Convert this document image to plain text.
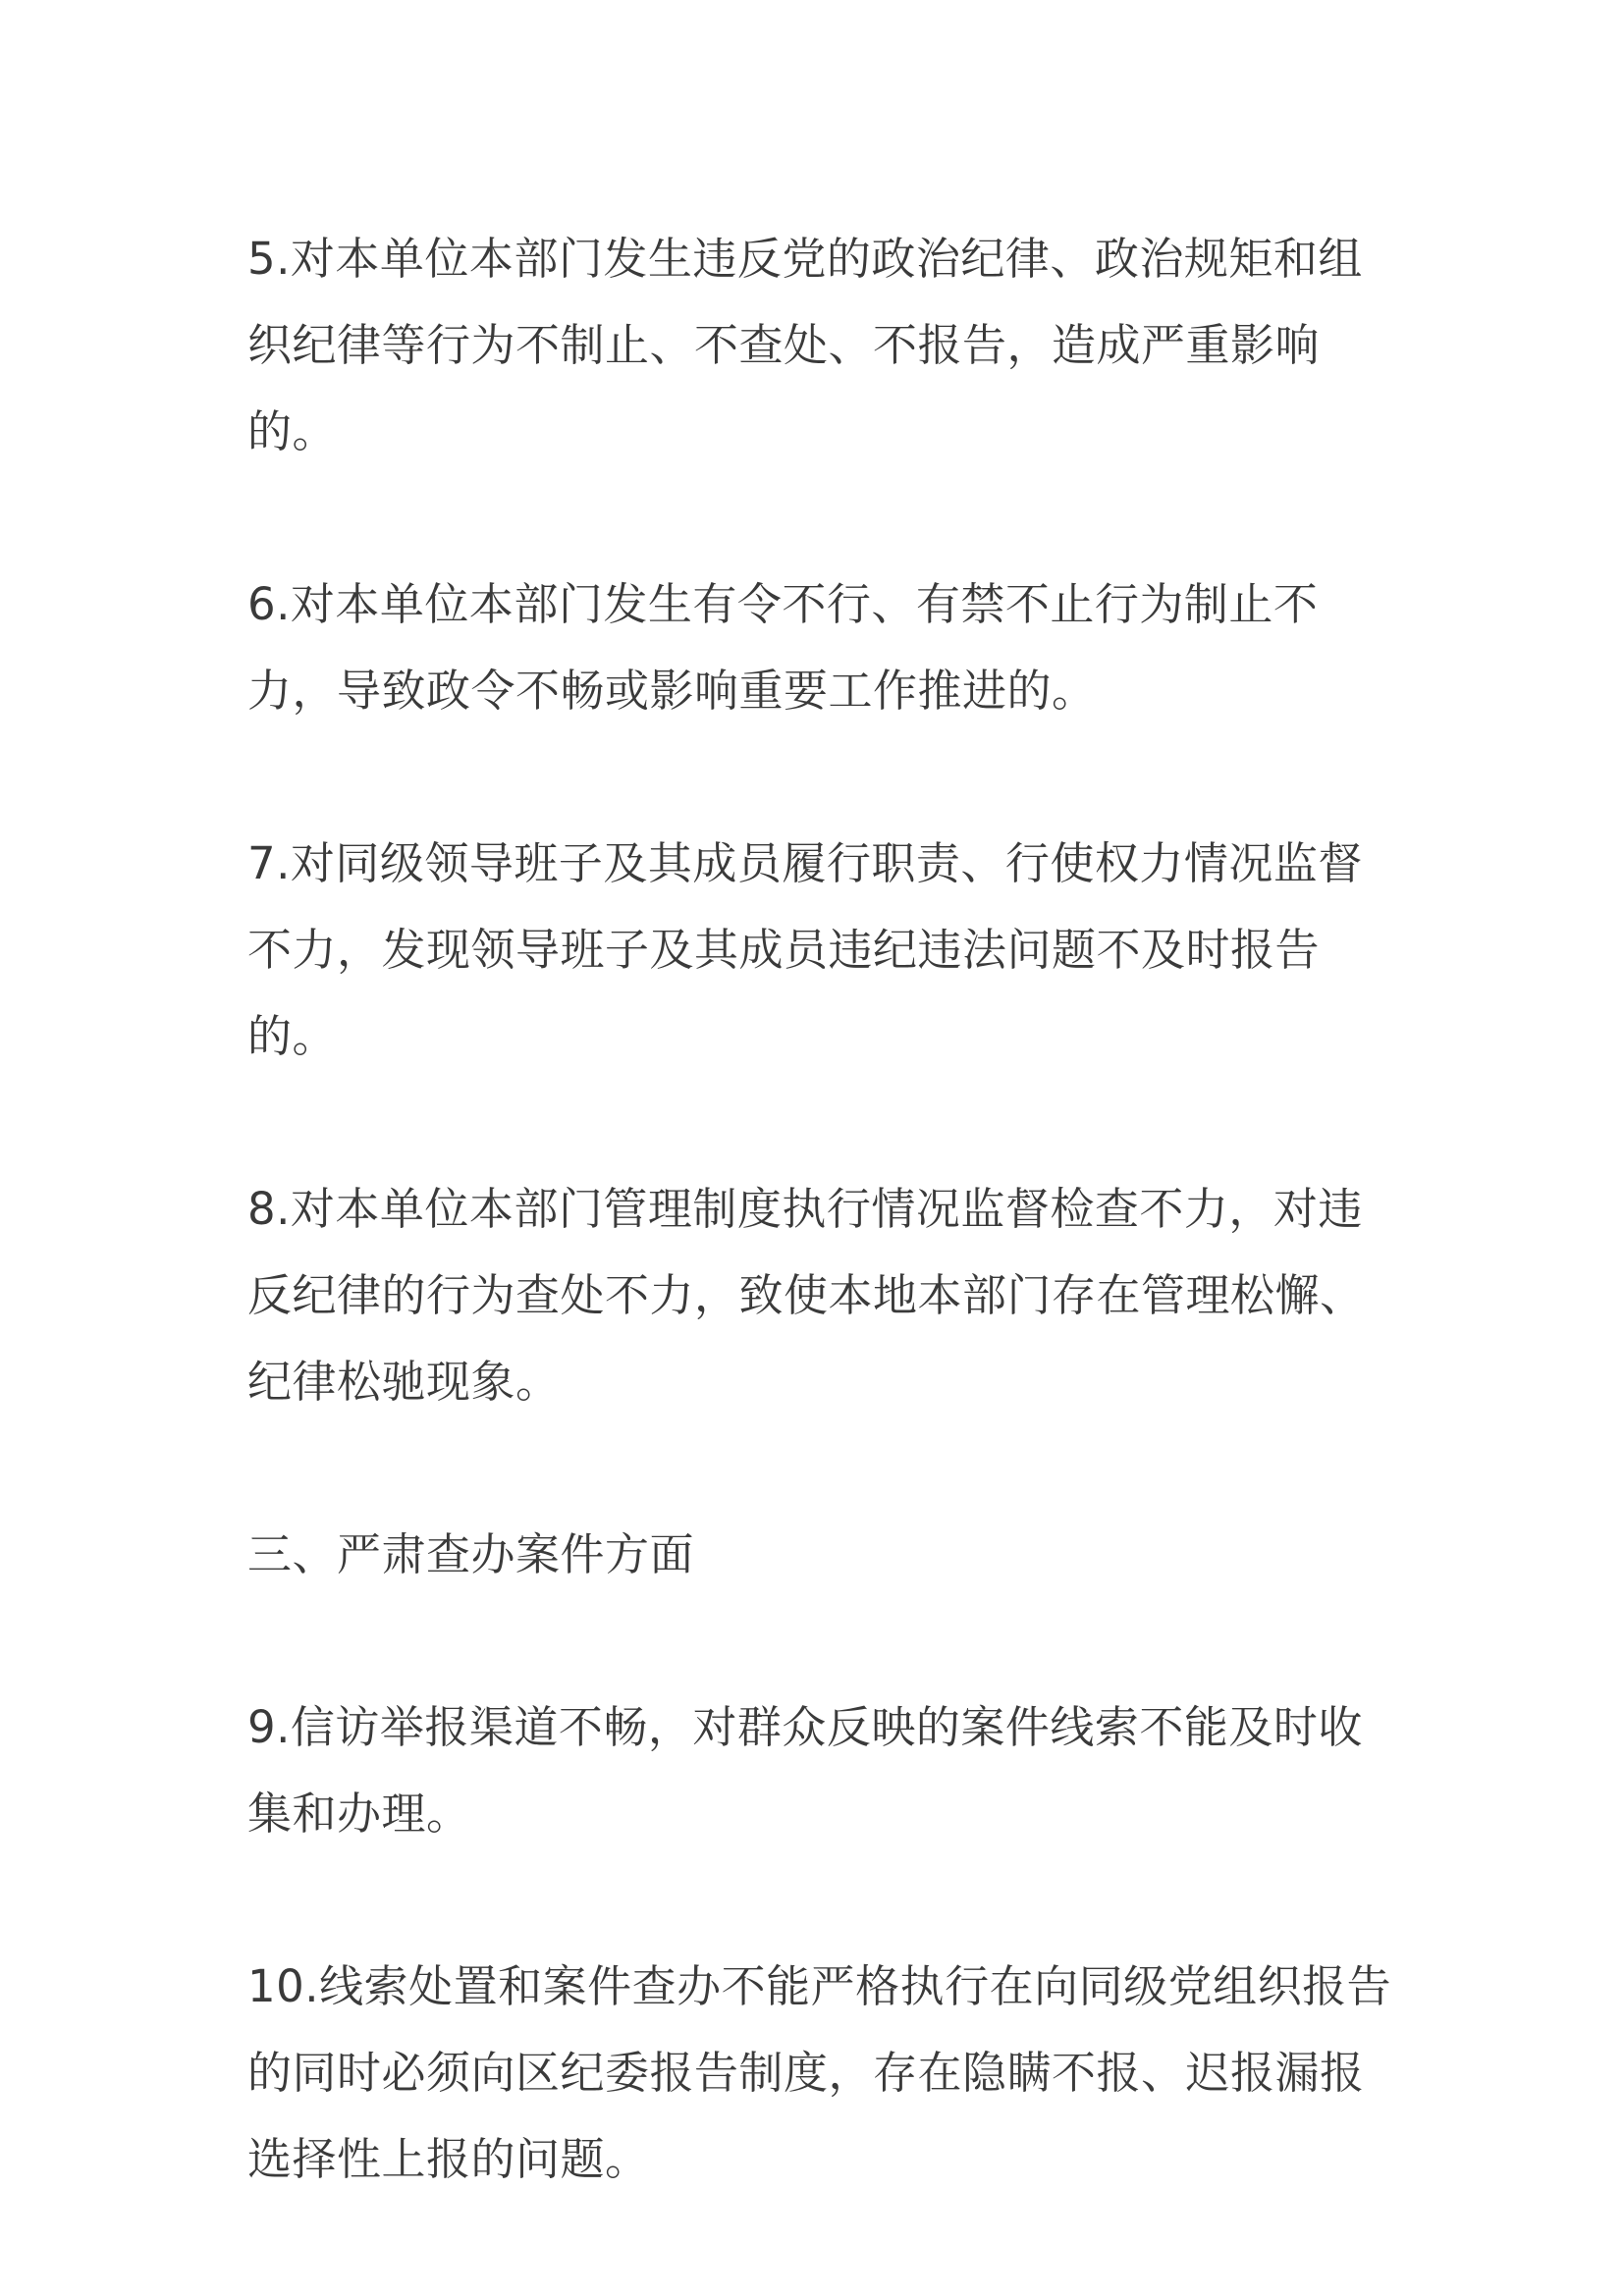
5.对本单位本部门发生违反党的政治纪律、政治规矩和组织纪律等行为不制止、不查处、不报告，造成严重影响的。

6.对本单位本部门发生有令不行、有禁不止行为制止不力，导致政令不畅或影响重要工作推进的。

7.对同级领导班子及其成员履行职责、行使权力情况监督不力，发现领导班子及其成员违纪违法问题不及时报告的。

8.对本单位本部门管理制度执行情况监督检查不力，对违反纪律的行为查处不力，致使本地本部门存在管理松懈、纪律松驰现象。

三、严肃查办案件方面

9.信访举报渠道不畅，对群众反映的案件线索不能及时收集和办理。

10.线索处置和案件查办不能严格执行在向同级党组织报告的同时必须向区纪委报告制度，存在隐瞒不报、迟报漏报选择性上报的问题。
